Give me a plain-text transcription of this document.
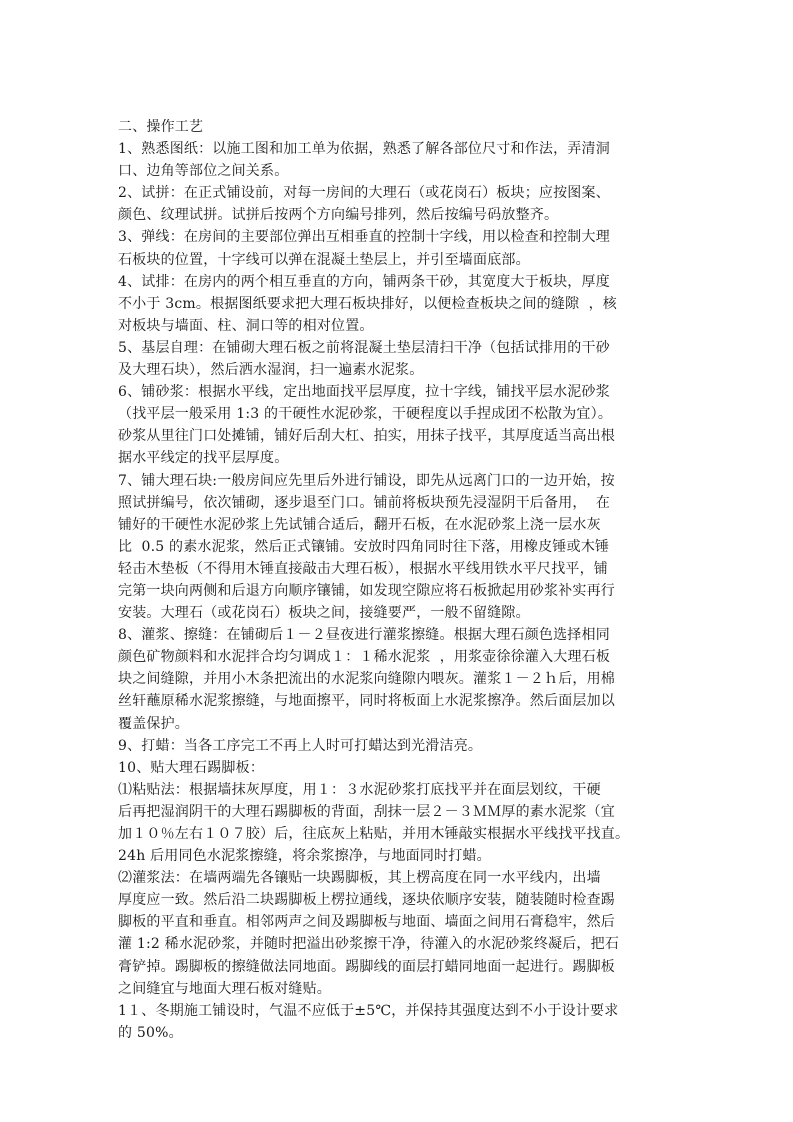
二、操作工艺
1、熟悉图纸：以施工图和加工单为依据，熟悉了解各部位尺寸和作法，弄清洞
口、边角等部位之间关系。
2、试拼：在正式铺设前，对每一房间的大理石（或花岗石）板块；应按图案、
颜色、纹理试拼。试拼后按两个方向编号排列，然后按编号码放整齐。
3、弹线：在房间的主要部位弹出互相垂直的控制十字线，用以检查和控制大理
石板块的位置，十字线可以弹在混凝土垫层上，并引至墙面底部。
4、试排：在房内的两个相互垂直的方向，铺两条干砂，其宽度大于板块，厚度
不小于 3cm。根据图纸要求把大理石板块排好，以便检查板块之间的缝隙  ，核
对板块与墙面、柱、洞口等的相对位置。
5、基层自理：在铺砌大理石板之前将混凝土垫层清扫干净（包括试排用的干砂
及大理石块），然后洒水湿润，扫一遍素水泥浆。
6、铺砂浆：根据水平线，定出地面找平层厚度，拉十字线，铺找平层水泥砂浆
（找平层一般采用 1:3 的干硬性水泥砂浆，干硬程度以手捏成团不松散为宜）。
砂浆从里往门口处摊铺，铺好后刮大杠、拍实，用抹子找平，其厚度适当高出根
据水平线定的找平层厚度。
7、铺大理石块:一般房间应先里后外进行铺设，即先从远离门口的一边开始，按
照试拼编号，依次铺砌，逐步退至门口。铺前将板块预先浸湿阴干后备用，  在
铺好的干硬性水泥砂浆上先试铺合适后，翻开石板，在水泥砂浆上浇一层水灰
比  0.5 的素水泥浆，然后正式镶铺。安放时四角同时往下落，用橡皮锤或木锤
轻击木垫板（不得用木锤直接敲击大理石板），根据水平线用铁水平尺找平，铺
完第一块向两侧和后退方向顺序镶铺，如发现空隙应将石板掀起用砂浆补实再行
安装。大理石（或花岗石）板块之间，接缝要严，一般不留缝隙。
8、灌浆、擦缝：在铺砌后１－２昼夜进行灌浆擦缝。根据大理石颜色选择相同
颜色矿物颜料和水泥拌合均匀调成１：１稀水泥浆  ，用浆壶徐徐灌入大理石板
块之间缝隙，并用小木条把流出的水泥浆向缝隙内喂灰。灌浆１－２ｈ后，用棉
丝轩蘸原稀水泥浆擦缝，与地面擦平，同时将板面上水泥浆擦净。然后面层加以
覆盖保护。
9、打蜡：当各工序完工不再上人时可打蜡达到光滑洁亮。
10、贴大理石踢脚板：
⑴粘贴法：根据墙抹灰厚度，用１：３水泥砂浆打底找平并在面层划纹，干硬
后再把湿润阴干的大理石踢脚板的背面，刮抹一层２－３ＭＭ厚的素水泥浆（宜
加１０％左右１０７胶）后，往底灰上粘贴，并用木锤敲实根据水平线找平找直。
24h 后用同色水泥浆擦缝，将余浆擦净，与地面同时打蜡。
⑵灌浆法：在墙两端先各镶贴一块踢脚板，其上楞高度在同一水平线内，出墙
厚度应一致。然后沿二块踢脚板上楞拉通线，逐块依顺序安装，随装随时检查踢
脚板的平直和垂直。相邻两声之间及踢脚板与地面、墙面之间用石膏稳牢，然后
灌 1:2 稀水泥砂浆，并随时把溢出砂浆擦干净，待灌入的水泥砂浆终凝后，把石
膏铲掉。踢脚板的擦缝做法同地面。踢脚线的面层打蜡同地面一起进行。踢脚板
之间缝宜与地面大理石板对缝贴。
1１、冬期施工铺设时，气温不应低于±5℃，并保持其强度达到不小于设计要求
的 50%。
